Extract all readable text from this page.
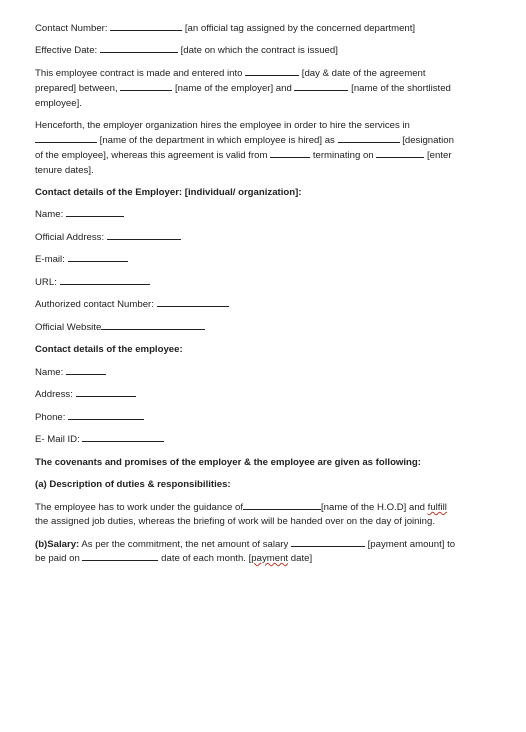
Contact Number:	[an official tag assigned by the concerned department]

Effective Date:	[date on which the contract is issued]

This employee contract is made and entered into	[day & date of the agreement

prepared] between,	[name of the employer] and	[name of the shortlisted

employee].

Henceforth, the employer organization hires the employee in order to hire the services in

[name of the department in which employee is hired] as	[designation

of the employee], whereas this agreement is valid from	terminating on	[enter

tenure dates].

Contact details of the Employer: [individual/ organization]:

Name:

Official Address:

E-mail:

URL:

Authorized contact Number:

Official Website

Contact details of the employee:

Name:

Address:

Phone:

E- Mail ID:

The covenants and promises of the employer & the employee are given as following:

(a) Description of duties & responsibilities:

The employee has to work under the guidance of	[name of the H.O.D] and fulfill

the assigned job duties, whereas the briefing of work will be handed over on the day of joining.

(b)Salary: As per the commitment, the net amount of salary	[payment amount] to

be paid on	date of each month. [payment date]
